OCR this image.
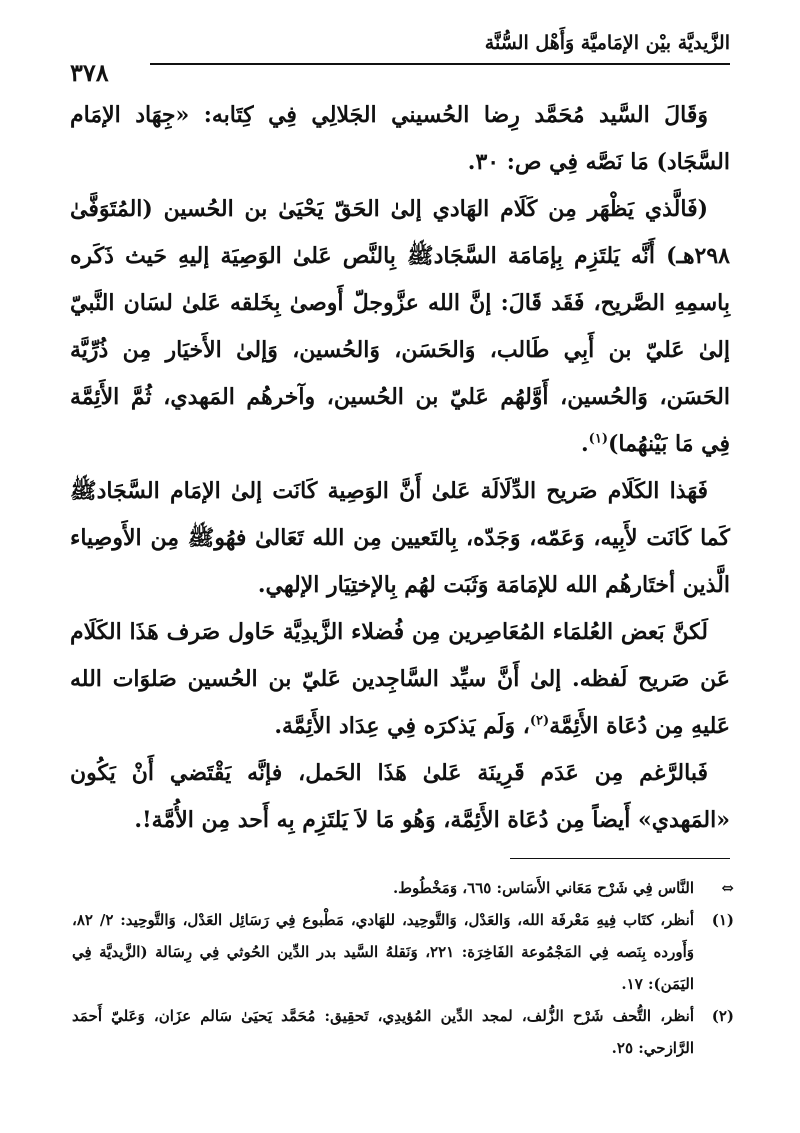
الزَّيديَّة بيْن الإمَاميَّة وَأَهْل السُّنَّة
٣٧٨

وَقَالَ السَّيد مُحَمَّد رِضا الحُسيني الجَلالِي فِي كِتَابه: «جِهَاد الإمَام السَّجَاد) مَا نَصَّه فِي ص: ٣٠.

(فَالَّذي يَظْهَر مِن كَلَام الهَادي إلىٰ الحَقّ يَحْيَىٰ بن الحُسين (المُتَوَفَّىٰ ٢٩٨هـ) أَنَّه يَلتَزِم بِإمَامَة السَّجَادﷺ بِالنَّص عَلىٰ الوَصِيَة إليهِ حَيث ذَكَره بِاسمِهِ الصَّريح، فَقَد قَالَ: إنَّ الله عزَّوجلّ أَوصىٰ بِخَلقه عَلىٰ لسَان النَّبيّ إلىٰ عَليّ بن أَبِي طَالب، وَالحَسَن، وَالحُسين، وَإلىٰ الأَخيَار مِن ذُرِّيَّة الحَسَن، وَالحُسين، أَوَّلهُم عَليّ بن الحُسين، وآخرهُم المَهدي، ثُمَّ الأَئِمَّة فِي مَا بَيْنهُما)$^{(١)}$.

فَهَذا الكَلَام صَريح الدِّلَالَة عَلىٰ أَنَّ الوَصِية كَانَت إلىٰ الإمَام السَّجَادﷺ كَما كَانَت لأَبِيه، وَعَمّه، وَجَدّه، بِالتَعيين مِن الله تَعَالىٰ فهُوﷺ مِن الأَوصِياء الَّذين أختَارهُم الله للإمَامَة وَثَبَت لهُم بِالإختِيَار الإلهي.

لَكنَّ بَعض العُلمَاء المُعَاصِرين مِن فُضلاء الزَّيدِيَّة حَاول صَرف هَذَا الكَلَام عَن صَريح لَفظه. إلىٰ أَنَّ سيِّد السَّاجِدين عَليّ بن الحُسين صَلوَات الله عَليهِ مِن دُعَاة الأَئِمَّة$^{(٢)}$، وَلَم يَذكرَه فِي عِدَاد الأَئِمَّة.

فَبالرَّغم مِن عَدَم قَرِينَة عَلىٰ هَذَا الحَمل، فإنَّه يَقْتَضي أَنْ يَكُون «المَهدي» أَيضاً مِن دُعَاة الأَئِمَّة، وَهُو مَا لاَ يَلتَزِم بِه أَحد مِن الأُمَّة!.

⇔
النَّاس فِي شَرْح مَعَاني الأَسَاس: ٦٦٥، وَمَخْطُوط.
(١)
أنظر، كتَاب فِيهِ مَعْرفَة الله، وَالعَدْل، وَالتَّوحِيد، للهَادي، مَطْبوع فِي رَسَائِل العَدْل، وَالتَّوحِيد: ٢/ ٨٢، وَأَورده بِنَصه فِي المَجْمُوعة الفَاخِرَة: ٢٢١، وَنَقلهُ السَّيد بدر الدِّين الحُوثي فِي رِسَالة (الزَّيديَّة فِي اليَمَن): ١٧.
(٢)
أنظر، التُّحف شَرْح الزُّلف، لمجد الدِّين المُؤيدِي، تَحقِيق: مُحَمَّد يَحيَىٰ سَالم عزَان، وَعَليّ أَحمَد الرَّازحي: ٢٥.
